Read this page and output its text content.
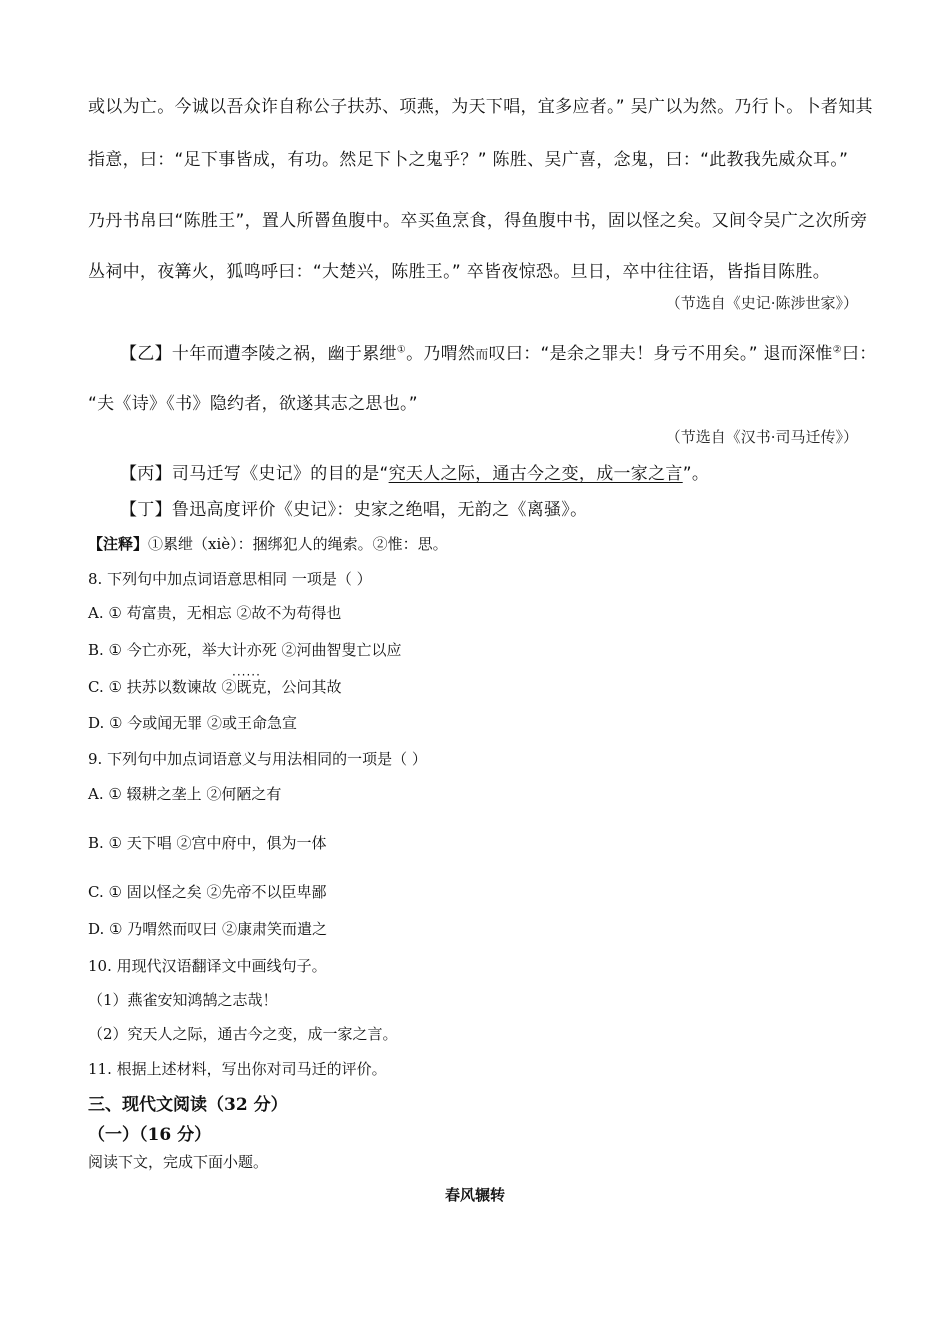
或以为亡。今诚以吾众诈自称公子扶苏、项燕，为天下唱，宜多应者。” 吴广以为然。乃行卜。卜者知其
指意，曰：“足下事皆成，有功。然足下卜之鬼乎？” 陈胜、吴广喜，念鬼，曰：“此教我先威众耳。”
乃丹书帛曰“陈胜王”，置人所罾鱼腹中。卒买鱼烹食，得鱼腹中书，固以怪之矣。又间令吴广之次所旁
丛祠中，夜篝火，狐鸣呼曰：“大楚兴，陈胜王。” 卒皆夜惊恐。旦日，卒中往往语，皆指目陈胜。
（节选自《史记·陈涉世家》）
【乙】十年而遭李陵之祸，幽于累绁①。乃喟然而叹曰：“是余之罪夫！身亏不用矣。” 退而深惟②曰：
“夫《诗》《书》隐约者，欲遂其志之思也。”
（节选自《汉书·司马迁传》）
【丙】司马迁写《史记》的目的是“究天人之际，通古今之变，成一家之言”。
【丁】鲁迅高度评价《史记》：史家之绝唱，无韵之《离骚》。
【注释】①累绁（xiè）：捆绑犯人的绳索。②惟：思。
8. 下列句中加点词语意思相同 一项是（ ）
A. ① 苟富贵，无相忘 ②故不为苟得也
B. ① 今亡亦死，举大计亦死 ②河曲智叟亡以应
······
C. ① 扶苏以数谏故 ②既克，公问其故
D. ① 今或闻无罪 ②或王命急宣
9. 下列句中加点词语意义与用法相同的一项是（ ）
A. ① 辍耕之垄上 ②何陋之有
B. ① 天下唱 ②宫中府中，俱为一体
C. ① 固以怪之矣 ②先帝不以臣卑鄙
D. ① 乃喟然而叹曰 ②康肃笑而遣之
10. 用现代汉语翻译文中画线句子。
（1）燕雀安知鸿鹄之志哉！
（2）究天人之际，通古今之变，成一家之言。
11. 根据上述材料，写出你对司马迁的评价。
三、现代文阅读（32 分）
（一）（16 分）
阅读下文，完成下面小题。
春风辗转
